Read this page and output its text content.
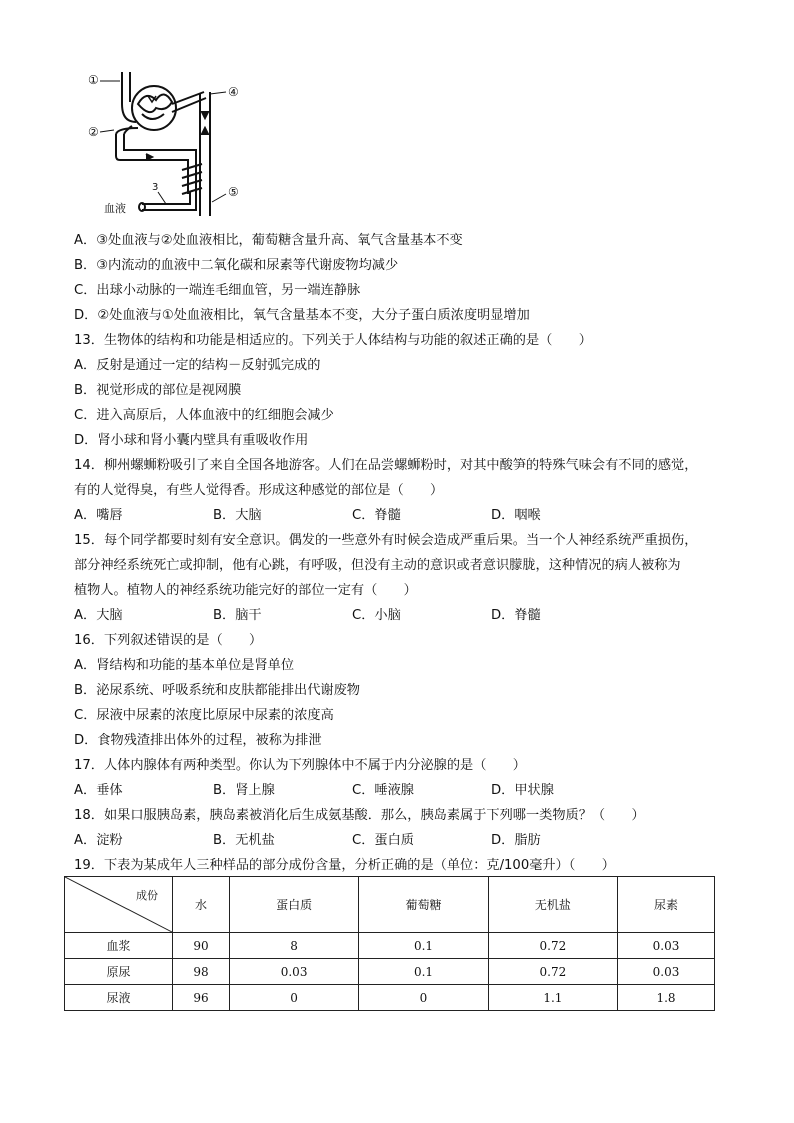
①
②
3
④
⑤
血液
A．③处血液与②处血液相比，葡萄糖含量升高、氧气含量基本不变
B．③内流动的血液中二氧化碳和尿素等代谢废物均减少
C．出球小动脉的一端连毛细血管，另一端连静脉
D．②处血液与①处血液相比，氧气含量基本不变，大分子蛋白质浓度明显增加
13．生物体的结构和功能是相适应的。下列关于人体结构与功能的叙述正确的是（　　）
A．反射是通过一定的结构－反射弧完成的
B．视觉形成的部位是视网膜
C．进入高原后，人体血液中的红细胞会减少
D．肾小球和肾小囊内壁具有重吸收作用
14．柳州螺蛳粉吸引了来自全国各地游客。人们在品尝螺蛳粉时，对其中酸笋的特殊气味会有不同的感觉，
有的人觉得臭，有些人觉得香。形成这种感觉的部位是（　　）
A．嘴唇	B．大脑	C．脊髓	D．咽喉
15．每个同学都要时刻有安全意识。偶发的一些意外有时候会造成严重后果。当一个人神经系统严重损伤，
部分神经系统死亡或抑制，他有心跳，有呼吸，但没有主动的意识或者意识朦胧，这种情况的病人被称为
植物人。植物人的神经系统功能完好的部位一定有（　　）
A．大脑	B．脑干	C．小脑	D．脊髓
16．下列叙述错误的是（　　）
A．肾结构和功能的基本单位是肾单位
B．泌尿系统、呼吸系统和皮肤都能排出代谢废物
C．尿液中尿素的浓度比原尿中尿素的浓度高
D．食物残渣排出体外的过程，被称为排泄
17．人体内腺体有两种类型。你认为下列腺体中不属于内分泌腺的是（　　）
A．垂体	B．肾上腺	C．唾液腺	D．甲状腺
18．如果口服胰岛素，胰岛素被消化后生成氨基酸．那么，胰岛素属于下列哪一类物质？（　　）
A．淀粉	B．无机盐	C．蛋白质	D．脂肪
19．下表为某成年人三种样品的部分成份含量，分析正确的是（单位：克/100毫升）（　　）
成份	水	蛋白质	葡萄糖	无机盐	尿素
血浆	90	8	0.1	0.72	0.03
原尿	98	0.03	0.1	0.72	0.03
尿液	96	0	0	1.1	1.8
